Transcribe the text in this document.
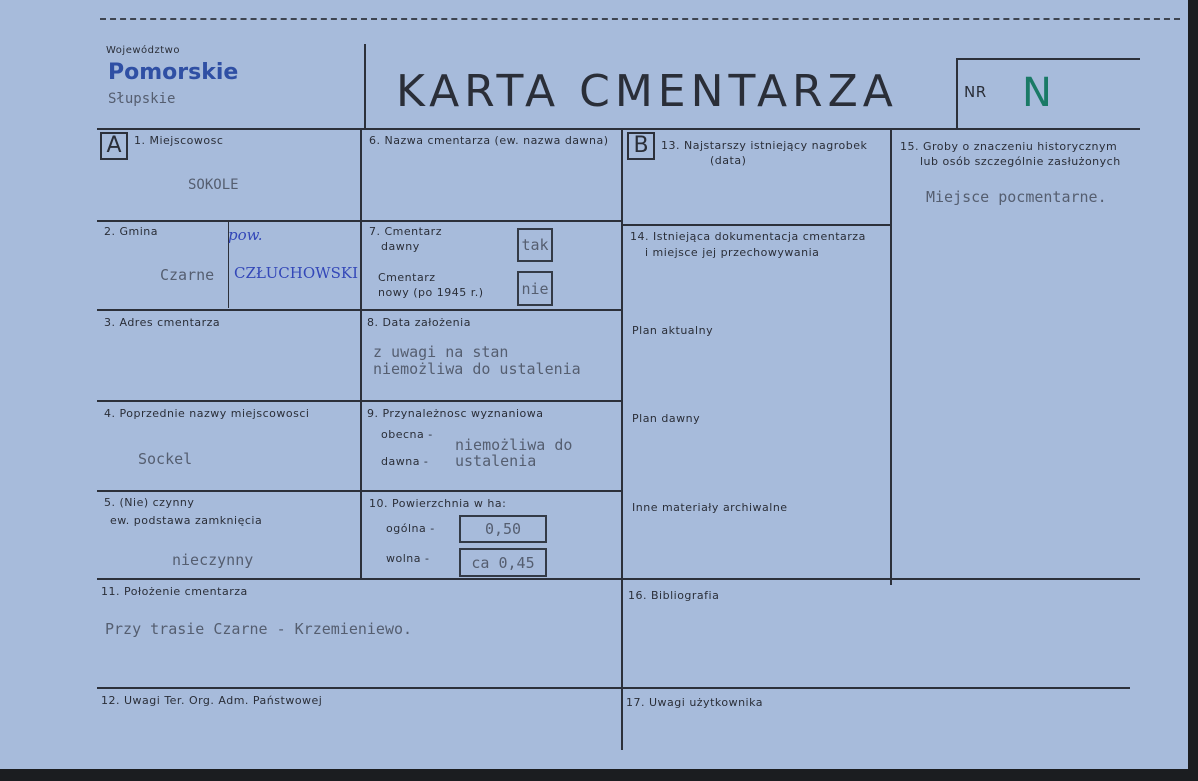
Województwo
Pomorskie
Słupskie	KARTA CMENTARZA	NR N
A	1. Miejscowosc
SOKOLE
2. Gmina	pow.
Czarne CZŁUCHOWSKI
3. Adres cmentarza
4. Poprzednie nazwy miejscowosci
Sockel
5. (Nie) czynny
ew. podstawa zamknięcia
nieczynny
6. Nazwa cmentarza (ew. nazwa dawna)
7. Cmentarz
dawny	tak
Cmentarz
nowy (po 1945 r.)	nie
8. Data założenia
z uwagi na stan
niemożliwa do ustalenia
9. Przynależnosc wyznaniowa
obecna -
dawna -
niemożliwa do
ustalenia
10. Powierzchnia w ha:
ogólna -	0,50
wolna -	ca 0,45
11. Położenie cmentarza
Przy trasie Czarne - Krzemieniewo.
12. Uwagi Ter. Org. Adm. Państwowej
B	13. Najstarszy istniejący nagrobek
(data)
14. Istniejąca dokumentacja cmentarza
i miejsce jej przechowywania
Plan aktualny
Plan dawny
Inne materiały archiwalne
15. Groby o znaczeniu historycznym
lub osób szczególnie zasłużonych
Miejsce pocmentarne.
16. Bibliografia
17. Uwagi użytkownika
